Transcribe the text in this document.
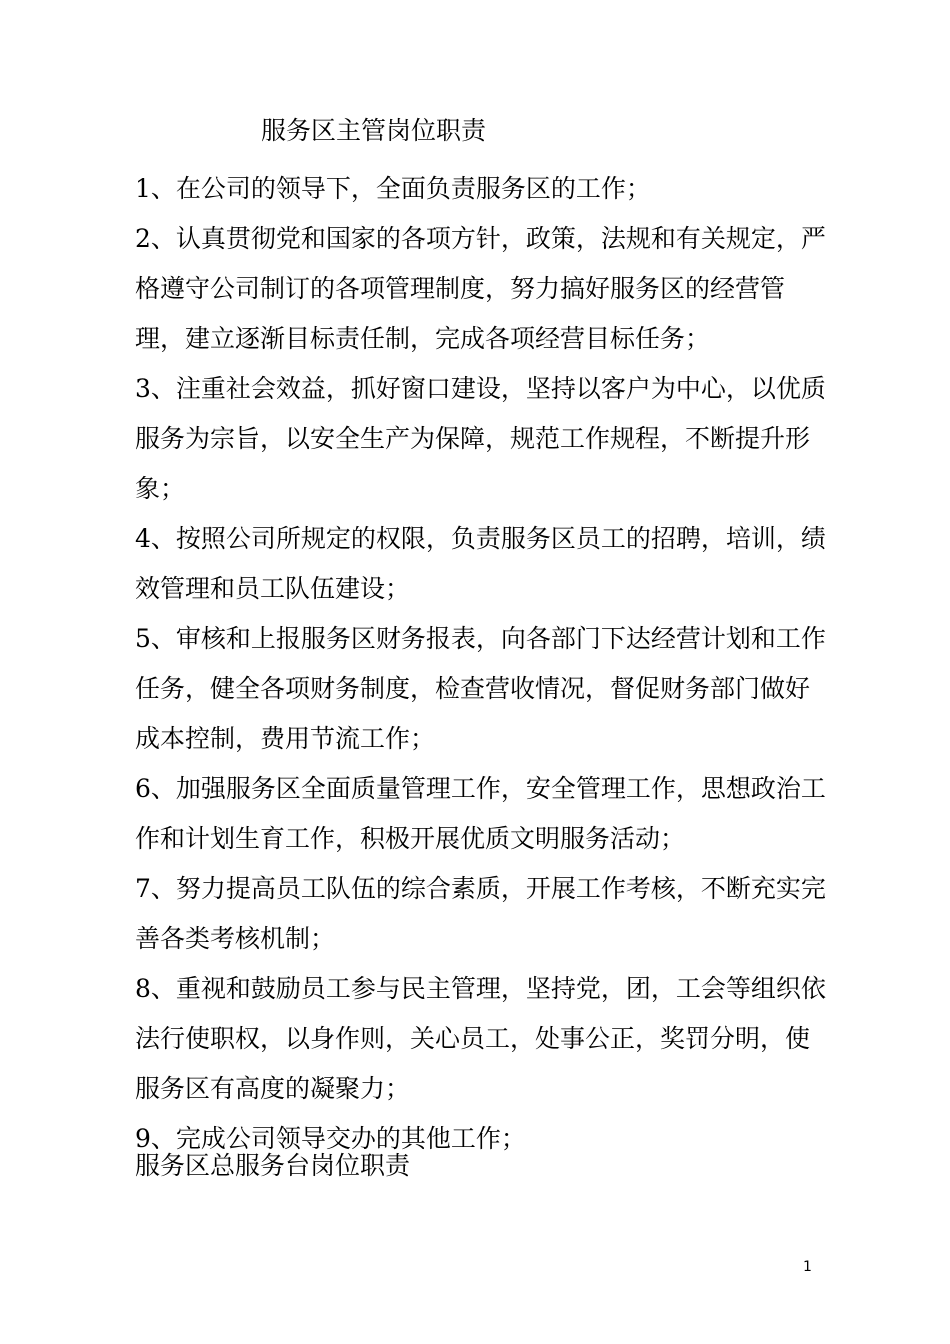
服务区主管岗位职责

1、在公司的领导下，全面负责服务区的工作；

2、认真贯彻党和国家的各项方针，政策，法规和有关规定，严格遵守公司制订的各项管理制度，努力搞好服务区的经营管理，建立逐渐目标责任制，完成各项经营目标任务；

3、注重社会效益，抓好窗口建设，坚持以客户为中心，以优质服务为宗旨，以安全生产为保障，规范工作规程，不断提升形象；

4、按照公司所规定的权限，负责服务区员工的招聘，培训，绩效管理和员工队伍建设；

5、审核和上报服务区财务报表，向各部门下达经营计划和工作任务，健全各项财务制度，检查营收情况，督促财务部门做好成本控制，费用节流工作；

6、加强服务区全面质量管理工作，安全管理工作，思想政治工作和计划生育工作，积极开展优质文明服务活动；

7、努力提高员工队伍的综合素质，开展工作考核，不断充实完善各类考核机制；

8、重视和鼓励员工参与民主管理，坚持党，团，工会等组织依法行使职权，以身作则，关心员工，处事公正，奖罚分明，使服务区有高度的凝聚力；

9、完成公司领导交办的其他工作；

服务区总服务台岗位职责
1
